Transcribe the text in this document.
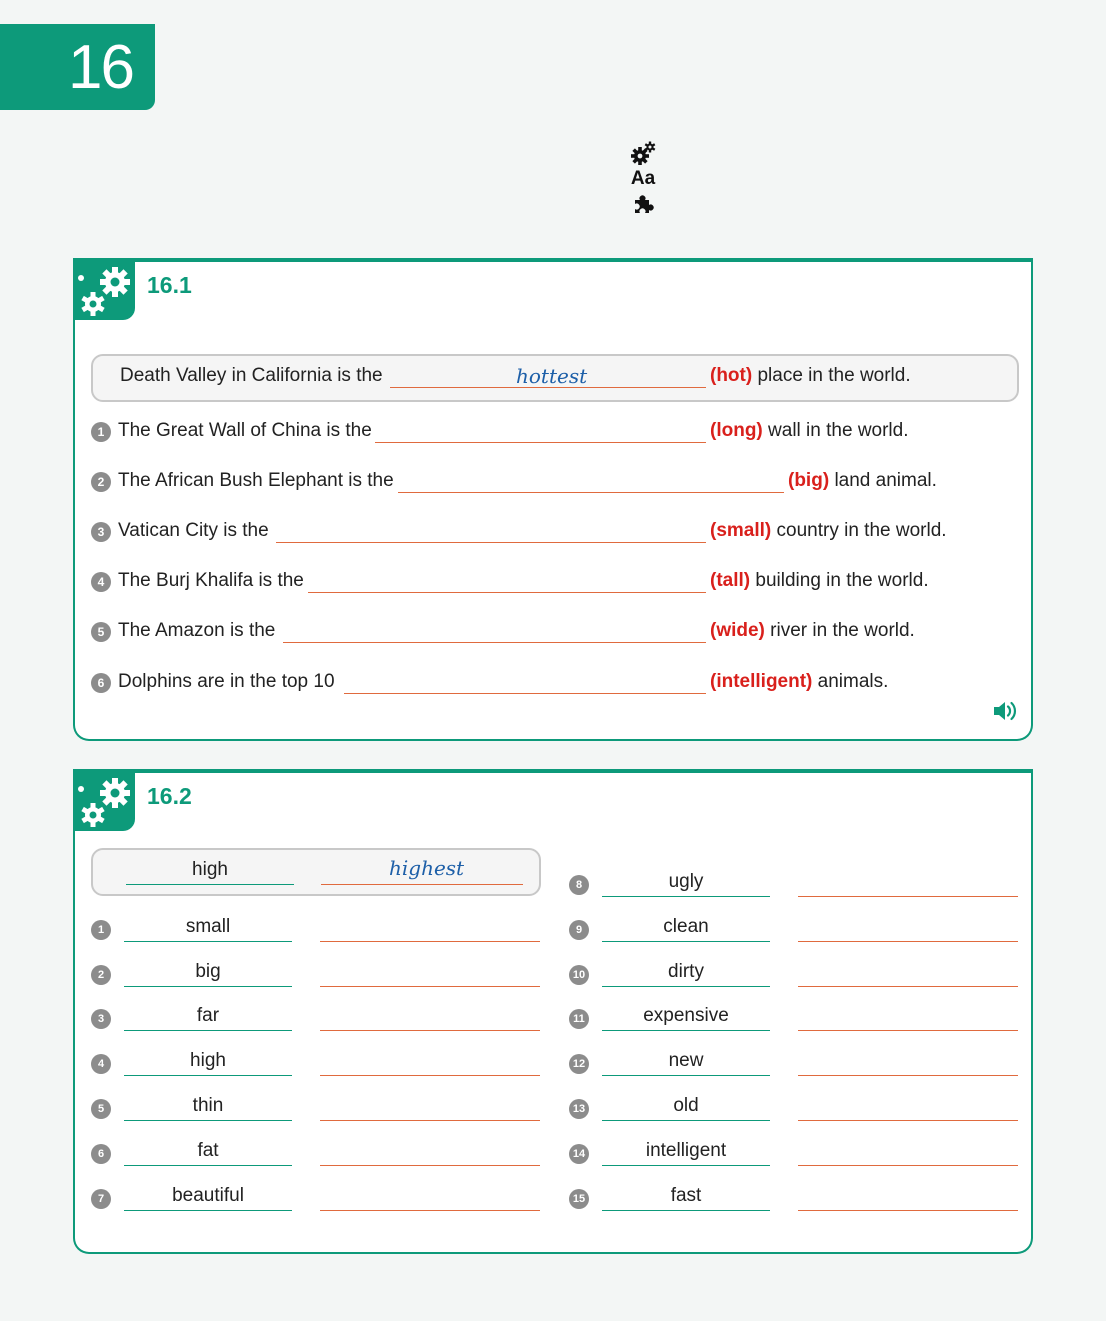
16
Aa
16.1
Death Valley in California is the	hottest	(hot) place in the world.
1 The Great Wall of China is the	(long) wall in the world.
2 The African Bush Elephant is the	(big) land animal.
3 Vatican City is the	(small) country in the world.
4 The Burj Khalifa is the	(tall) building in the world.
5 The Amazon is the	(wide) river in the world.
6 Dolphins are in the top 10	(intelligent) animals.
16.2
high	highest
1	small
2	big
3	far
4	high
5	thin
6	fat
7	beautiful
8	ugly
9	clean
10	dirty
11	expensive
12	new
13	old
14	intelligent
15	fast
